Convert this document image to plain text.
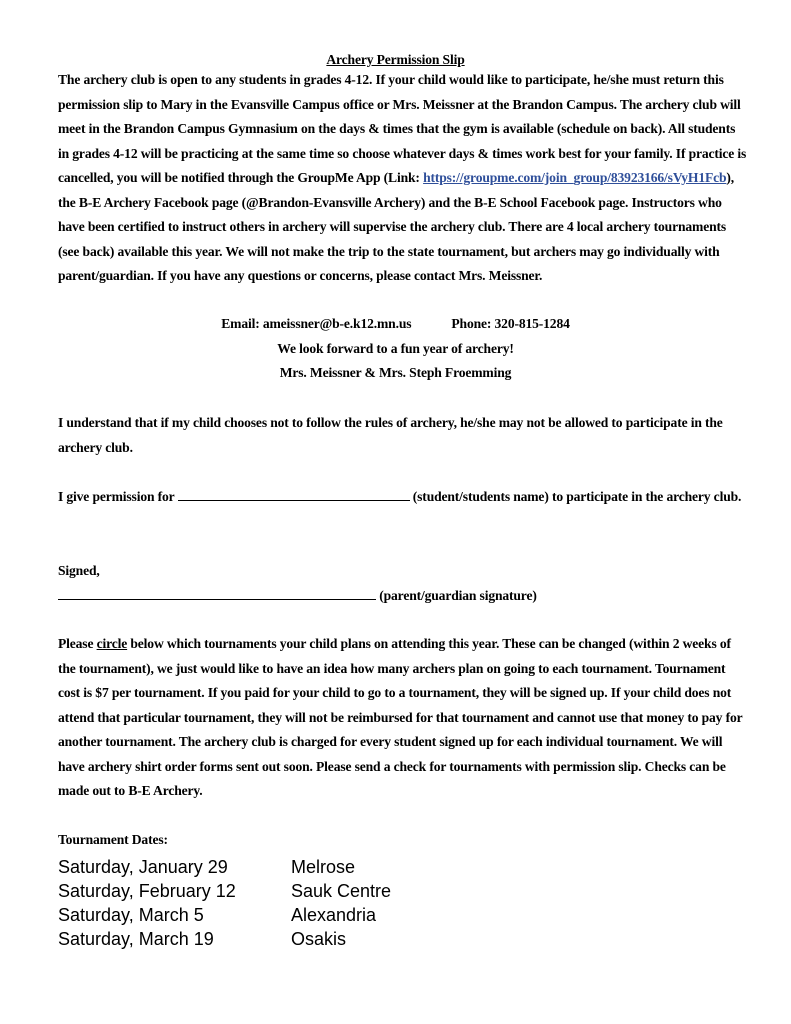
Archery Permission Slip

The archery club is open to any students in grades 4-12. If your child would like to participate, he/she must return this permission slip to Mary in the Evansville Campus office or Mrs. Meissner at the Brandon Campus. The archery club will meet in the Brandon Campus Gymnasium on the days & times that the gym is available (schedule on back). All students in grades 4-12 will be practicing at the same time so choose whatever days & times work best for your family. If practice is cancelled, you will be notified through the GroupMe App (Link: https://groupme.com/join_group/83923166/sVyH1Fcb), the B-E Archery Facebook page (@Brandon-Evansville Archery) and the B-E School Facebook page. Instructors who have been certified to instruct others in archery will supervise the archery club. There are 4 local archery tournaments (see back) available this year. We will not make the trip to the state tournament, but archers may go individually with parent/guardian. If you have any questions or concerns, please contact Mrs. Meissner.

Email: ameissner@b-e.k12.mn.us	Phone: 320-815-1284
We look forward to a fun year of archery!
Mrs. Meissner & Mrs. Steph Froemming

I understand that if my child chooses not to follow the rules of archery, he/she may not be allowed to participate in the archery club.

I give permission for	(student/students name) to participate in the archery club.

Signed,
(parent/guardian signature)

Please circle below which tournaments your child plans on attending this year. These can be changed (within 2 weeks of the tournament), we just would like to have an idea how many archers plan on going to each tournament. Tournament cost is $7 per tournament. If you paid for your child to go to a tournament, they will be signed up. If your child does not attend that particular tournament, they will not be reimbursed for that tournament and cannot use that money to pay for another tournament. The archery club is charged for every student signed up for each individual tournament. We will have archery shirt order forms sent out soon. Please send a check for tournaments with permission slip. Checks can be made out to B-E Archery.

Tournament Dates:
Saturday, January 29	Melrose
Saturday, February 12	Sauk Centre
Saturday, March 5	Alexandria
Saturday, March 19	Osakis
